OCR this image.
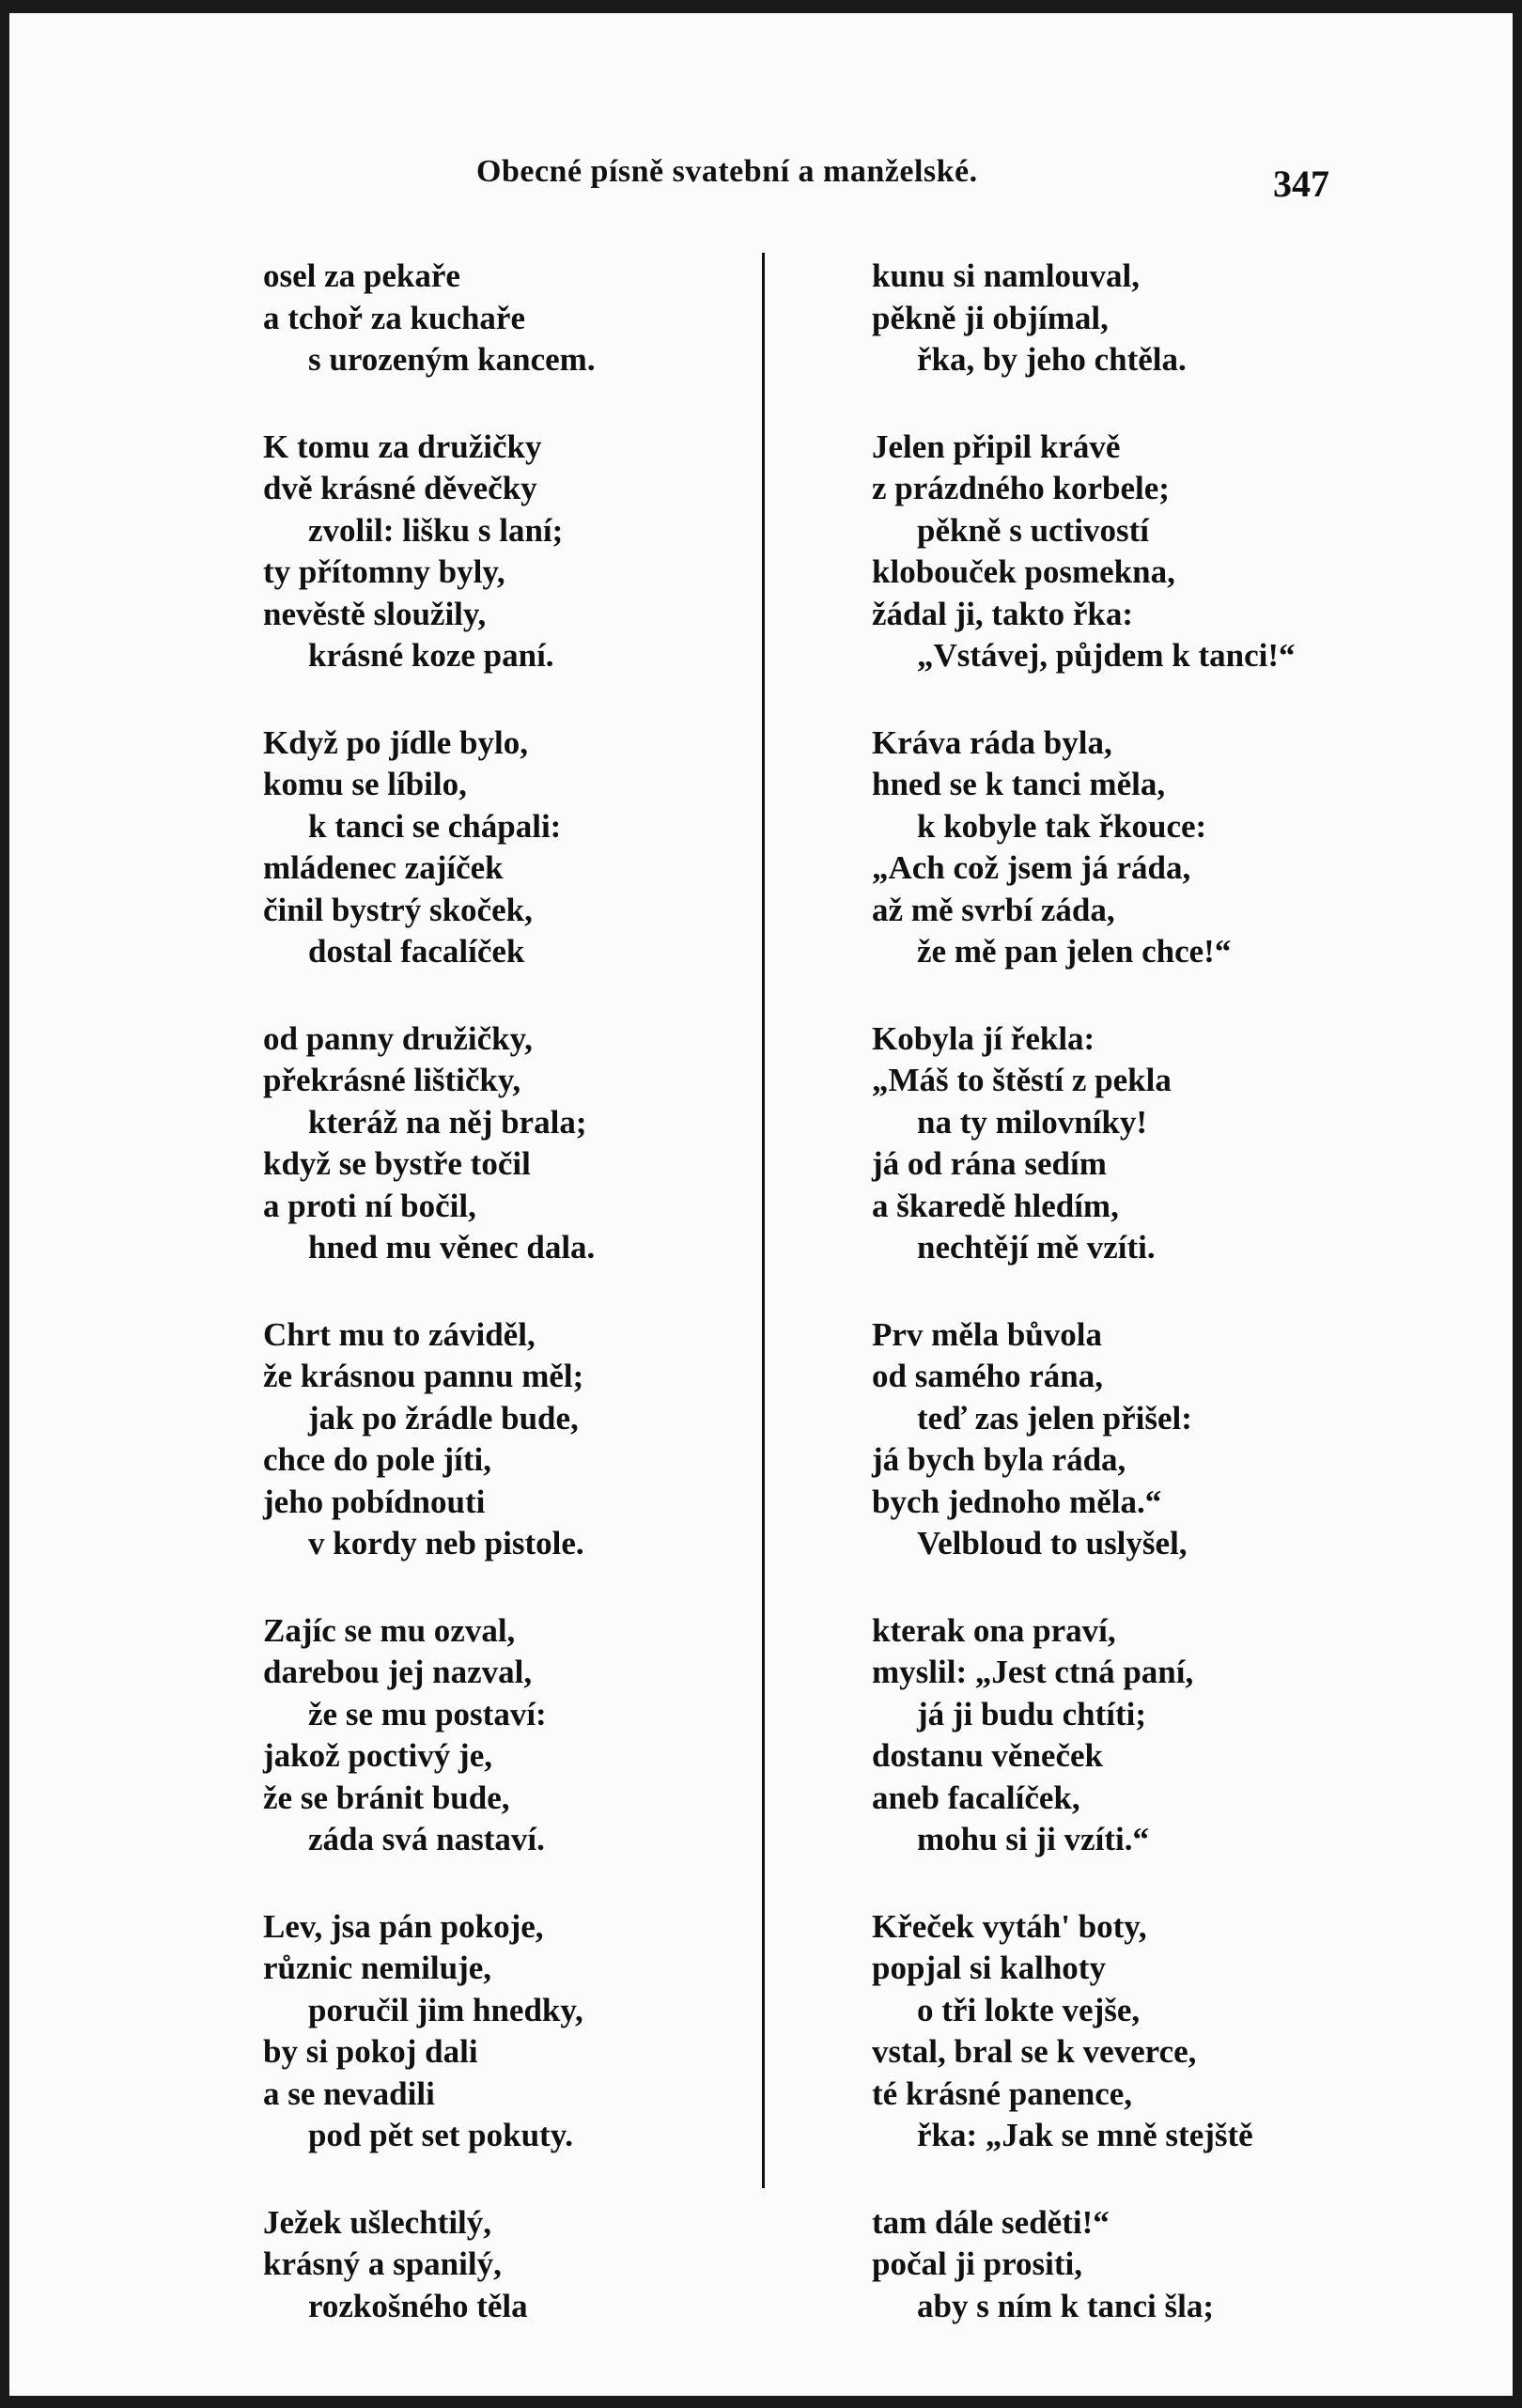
Obecné písně svatební a manželské.	347
osel za pekaře
a tchoř za kuchaře
s urozeným kancem.
K tomu za družičky
dvě krásné děvečky
zvolil: lišku s laní;
ty přítomny byly,
nevěstě sloužily,
krásné koze paní.
Když po jídle bylo,
komu se líbilo,
k tanci se chápali:
mládenec zajíček
činil bystrý skoček,
dostal facalíček
od panny družičky,
překrásné lištičky,
kteráž na něj brala;
když se bystře točil
a proti ní bočil,
hned mu věnec dala.
Chrt mu to záviděl,
že krásnou pannu měl;
jak po žrádle bude,
chce do pole jíti,
jeho pobídnouti
v kordy neb pistole.
Zajíc se mu ozval,
darebou jej nazval,
že se mu postaví:
jakož poctivý je,
že se bránit bude,
záda svá nastaví.
Lev, jsa pán pokoje,
různic nemiluje,
poručil jim hnedky,
by si pokoj dali
a se nevadili
pod pět set pokuty.
Ježek ušlechtilý,
krásný a spanilý,
rozkošného těla
kunu si namlouval,
pěkně ji objímal,
řka, by jeho chtěla.
Jelen připil krávě
z prázdného korbele;
pěkně s uctivostí
klobouček posmekna,
žádal ji, takto řka:
„Vstávej, půjdem k tanci!“
Kráva ráda byla,
hned se k tanci měla,
k kobyle tak řkouce:
„Ach což jsem já ráda,
až mě svrbí záda,
že mě pan jelen chce!“
Kobyla jí řekla:
„Máš to štěstí z pekla
na ty milovníky!
já od rána sedím
a škaredě hledím,
nechtějí mě vzíti.
Prv měla bůvola
od samého rána,
teď zas jelen přišel:
já bych byla ráda,
bych jednoho měla.“
Velbloud to uslyšel,
kterak ona praví,
myslil: „Jest ctná paní,
já ji budu chtíti;
dostanu věneček
aneb facalíček,
mohu si ji vzíti.“
Křeček vytáh' boty,
popjal si kalhoty
o tři lokte vejše,
vstal, bral se k veverce,
té krásné panence,
řka: „Jak se mně stejště
tam dále seděti!“
počal ji prositi,
aby s ním k tanci šla;
